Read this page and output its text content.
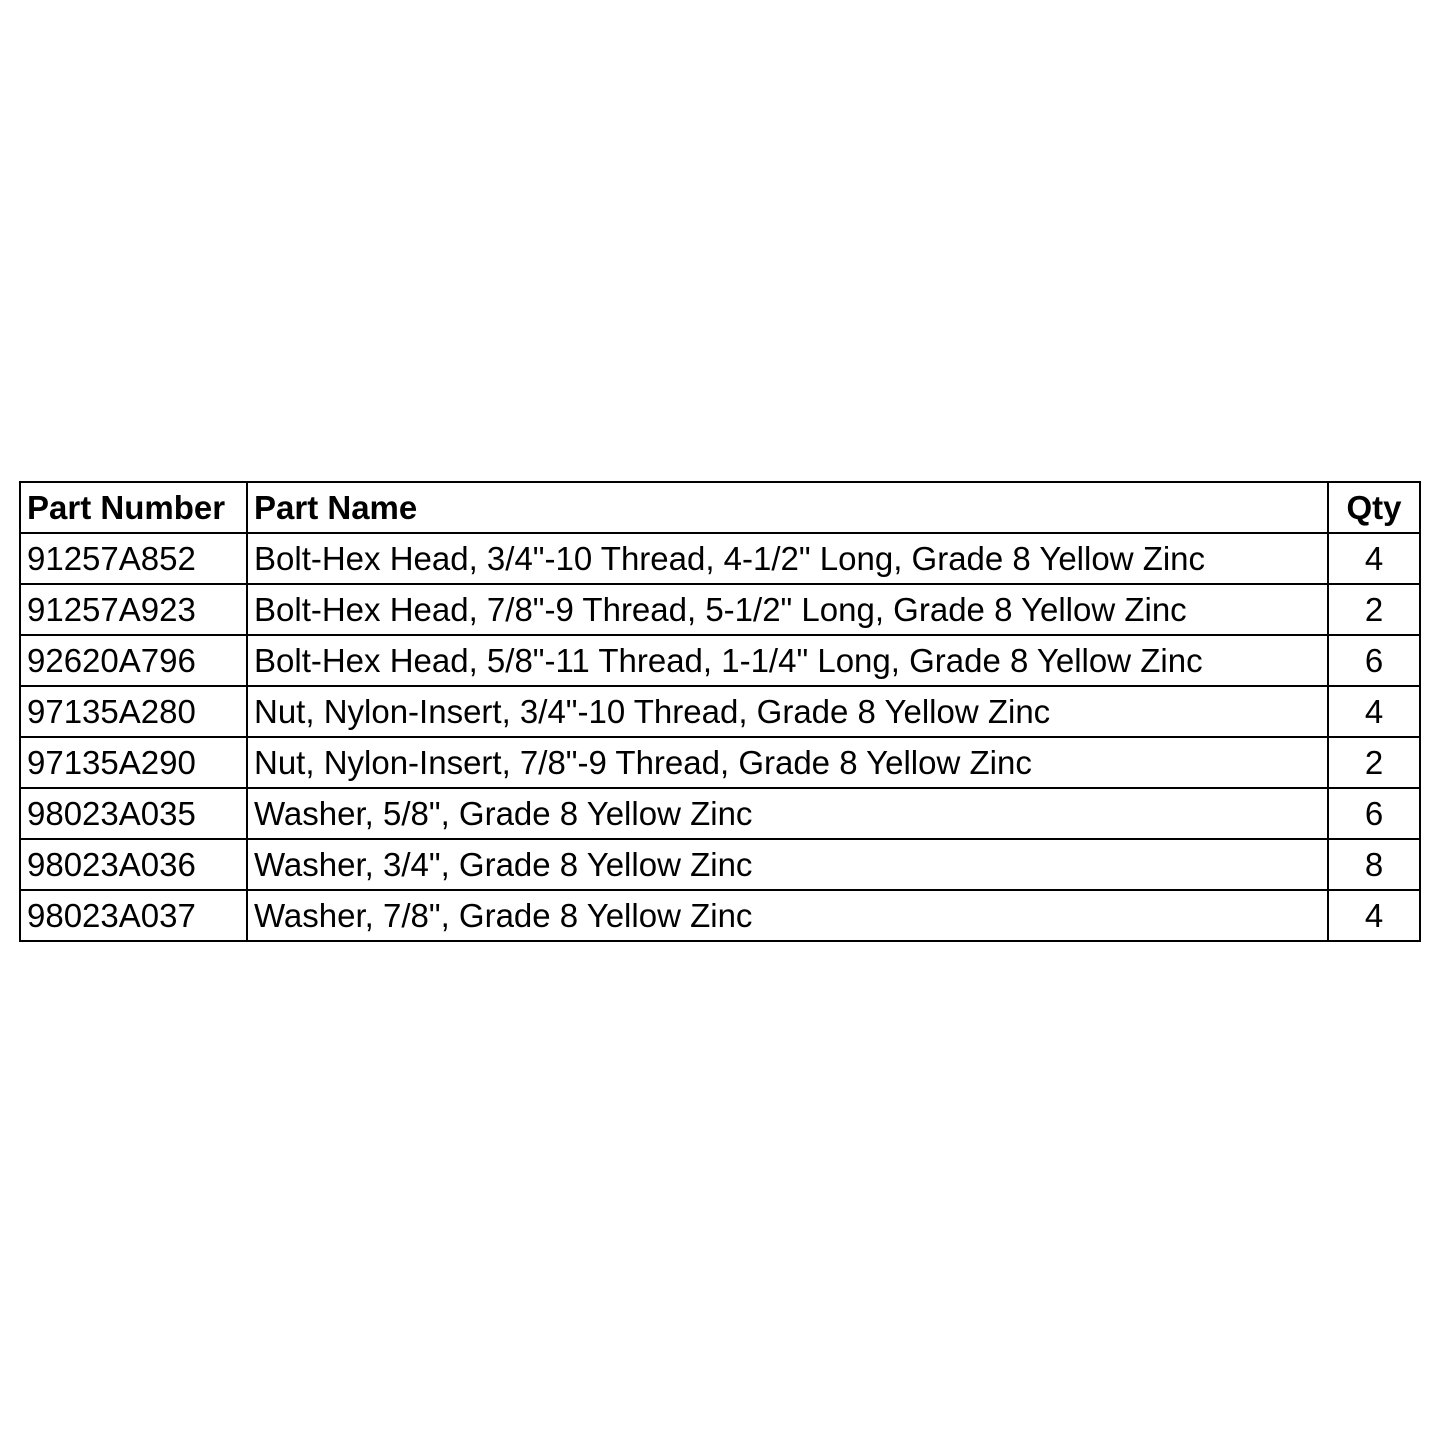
Part Number	Part Name	Qty
91257A852	Bolt-Hex Head, 3/4"-10 Thread, 4-1/2" Long, Grade 8 Yellow Zinc	4
91257A923	Bolt-Hex Head, 7/8"-9 Thread, 5-1/2" Long, Grade 8 Yellow Zinc	2
92620A796	Bolt-Hex Head, 5/8"-11 Thread, 1-1/4" Long, Grade 8 Yellow Zinc	6
97135A280	Nut, Nylon-Insert, 3/4"-10 Thread, Grade 8 Yellow Zinc	4
97135A290	Nut, Nylon-Insert, 7/8"-9 Thread, Grade 8 Yellow Zinc	2
98023A035	Washer, 5/8", Grade 8 Yellow Zinc	6
98023A036	Washer, 3/4", Grade 8 Yellow Zinc	8
98023A037	Washer, 7/8", Grade 8 Yellow Zinc	4
